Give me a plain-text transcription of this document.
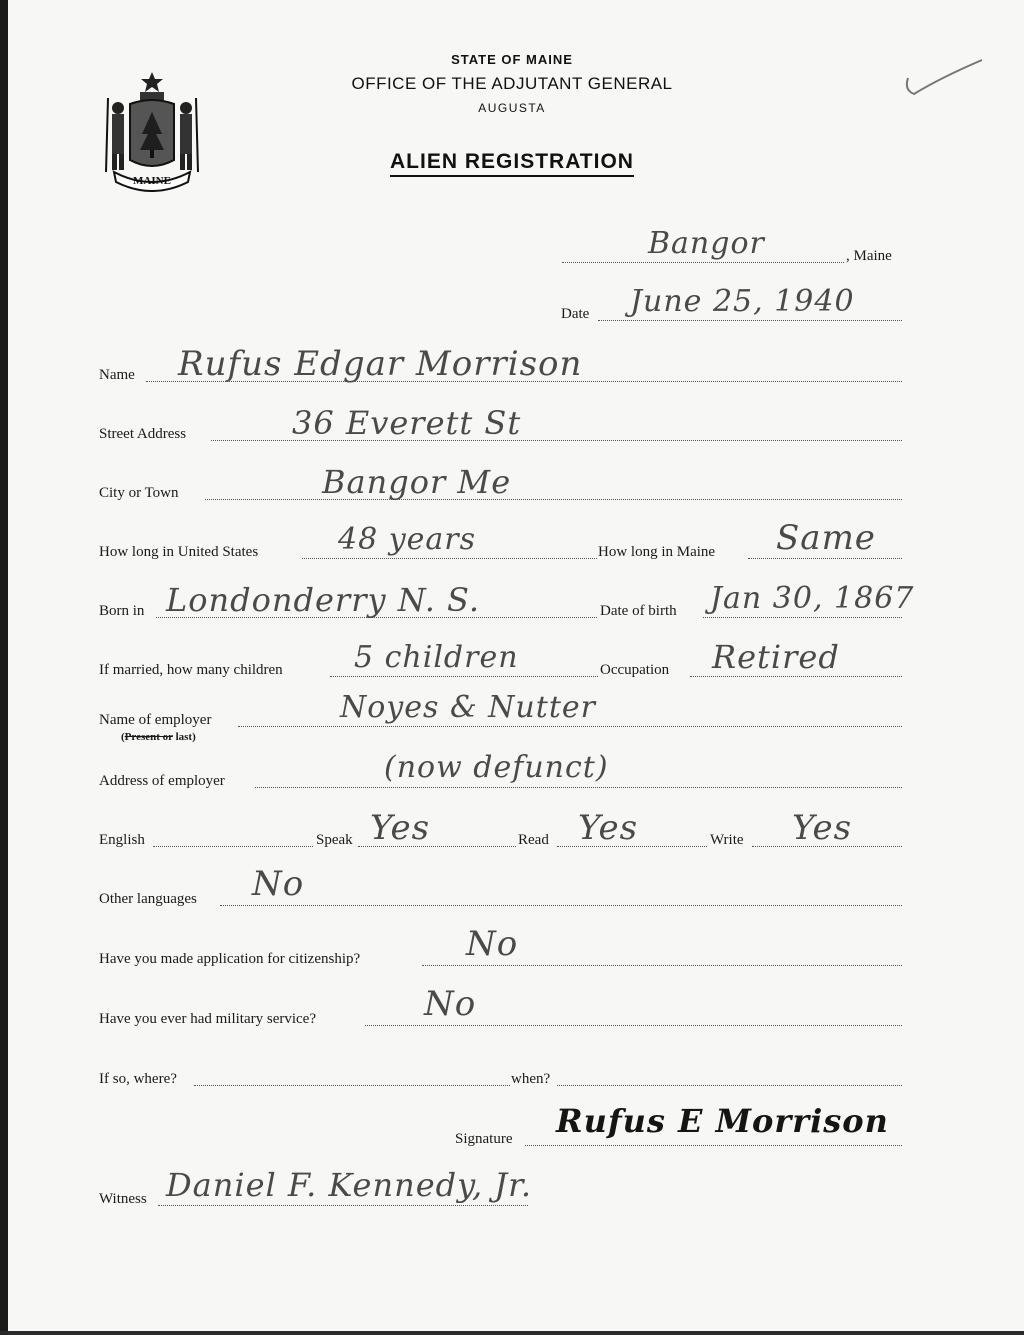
MAINE
STATE OF MAINE
OFFICE OF THE ADJUTANT GENERAL
AUGUSTA
ALIEN REGISTRATION
Bangor	, Maine
Date June 25, 1940
Name Rufus Edgar Morrison
Street Address	36 Everett St
City or Town	Bangor Me
How long in United States	48 years	How long in Maine Same
Born in Londonderry N. S.	Date of birth Jan 30, 1867
If married, how many children 5 children	Occupation Retired
Name of employer
(Present or last)
Noyes & Nutter
Address of employer	(now defunct)
English	Speak Yes	Read Yes	Write Yes
Other languages No
Have you made application for citizenship?	No
Have you ever had military service?	No
If so, where?	when?
Signature Rufus E Morrison
Witness Daniel F. Kennedy, Jr.
